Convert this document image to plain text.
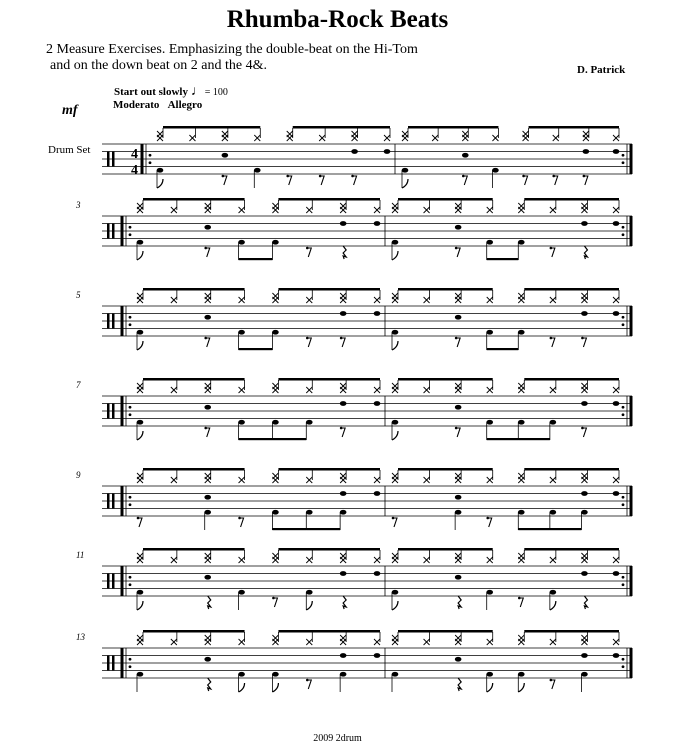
Rhumba-Rock Beats
2 Measure Exercises. Emphasizing the double-beat on the Hi-Tom
and on the down beat on 2 and the 4&.	D. Patrick
Start out slowly ♩= 100
Moderato Allegro
mf
Drum Set	4
4
3
5
7
9
11
13
2009 2drum
